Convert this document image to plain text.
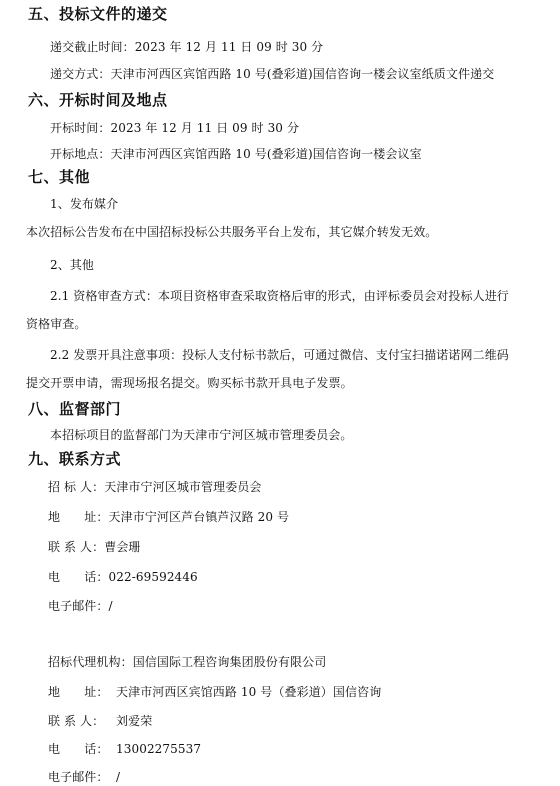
五、投标文件的递交
递交截止时间：2023 年 12 月 11 日 09 时 30 分
递交方式：天津市河西区宾馆西路 10 号(叠彩道)国信咨询一楼会议室纸质文件递交
六、开标时间及地点
开标时间：2023 年 12 月 11 日 09 时 30 分
开标地点：天津市河西区宾馆西路 10 号(叠彩道)国信咨询一楼会议室
七、其他
1、发布媒介
本次招标公告发布在中国招标投标公共服务平台上发布，其它媒介转发无效。
2、其他
2.1 资格审查方式：本项目资格审查采取资格后审的形式，由评标委员会对投标人进行
资格审查。
2.2 发票开具注意事项：投标人支付标书款后，可通过微信、支付宝扫描诺诺网二维码
提交开票申请，需现场报名提交。购买标书款开具电子发票。
八、监督部门
本招标项目的监督部门为天津市宁河区城市管理委员会。
九、联系方式
招 标 人：天津市宁河区城市管理委员会
地　　址：天津市宁河区芦台镇芦汉路 20 号
联 系 人：曹会珊
电　　话：022-69592446
电子邮件：/
招标代理机构：国信国际工程咨询集团股份有限公司
地　　址： 天津市河西区宾馆西路 10 号（叠彩道）国信咨询
联 系 人： 刘爱荣
电　　话： 13002275537
电子邮件： /
